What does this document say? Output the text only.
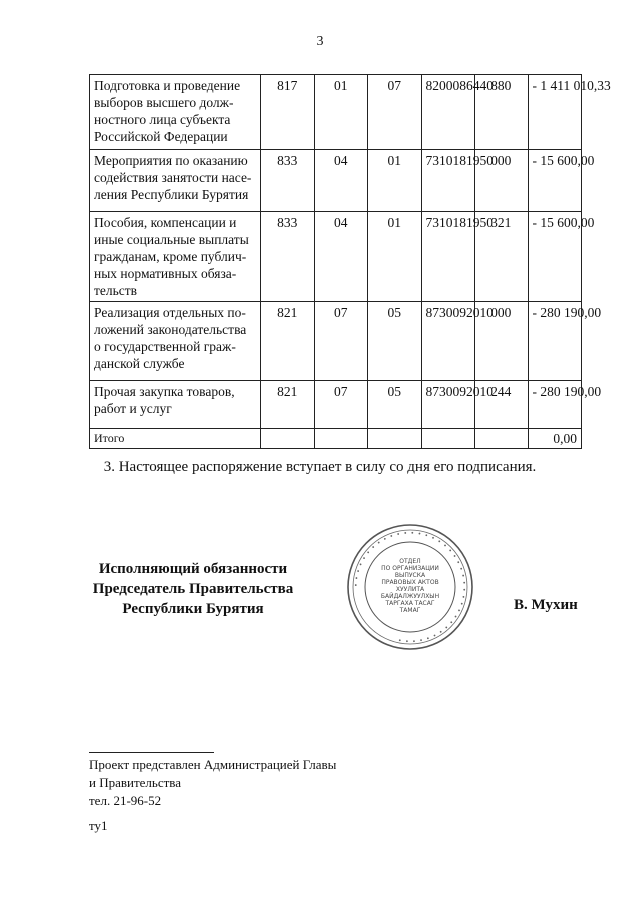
3
Подготовка и проведение выборов высшего долж-ностного лица субъекта Российской Федерации	817	01	07	8200086440	880	- 1 411 010,33
Мероприятия по оказанию содействия занятости насе-ления Республики Бурятия	833	04	01	7310181950	000	- 15 600,00
Пособия, компенсации и иные социальные выплаты гражданам, кроме публич-ных нормативных обяза-тельств	833	04	01	7310181950	321	- 15 600,00
Реализация отдельных по-ложений законодательства о государственной граж-данской службе	821	07	05	8730092010	000	- 280 190,00
Прочая закупка товаров, работ и услуг	821	07	05	8730092010	244	- 280 190,00
Итого						0,00
3. Настоящее распоряжение вступает в силу со дня его подписания.
Исполняющий обязанности
Председатель Правительства
Республики Бурятия
• • • • • • • • • • • • • • • • • • • • • • • • • • • • • • • • • • • • • •
ОТДЕЛ
ПО ОРГАНИЗАЦИИ
ВЫПУСКА
ПРАВОВЫХ АКТОВ
ХУУЛИТА
БАЙДАЛЖУУЛХЫН
ТАРГАХА ТАСАГ
ТАМАГ	В. Мухин
Проект представлен Администрацией Главы
и Правительства
тел. 21-96-52
ту1
